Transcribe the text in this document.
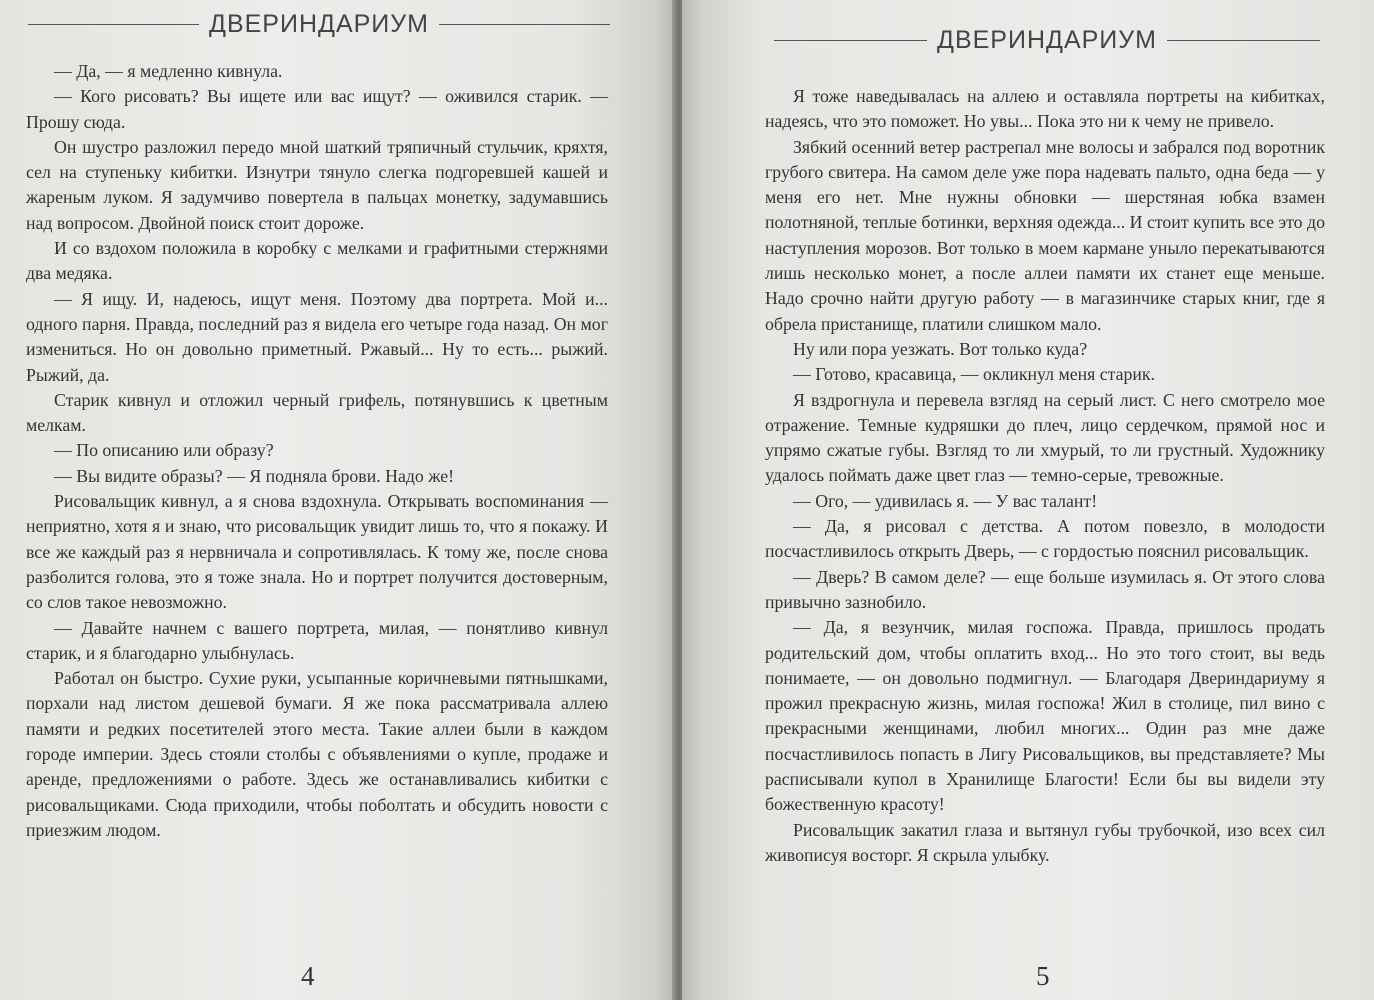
ДВЕРИНДАРИУМ

— Да, — я медленно кивнула.

— Кого рисовать? Вы ищете или вас ищут? — оживился старик. — Прошу сюда.

Он шустро разложил передо мной шаткий тряпичный стульчик, кряхтя, сел на ступеньку кибитки. Изнутри тянуло слегка подгоревшей кашей и жареным луком. Я задумчиво повертела в пальцах монетку, задумавшись над вопросом. Двойной поиск стоит дороже.

И со вздохом положила в коробку с мелками и графитными стержнями два медяка.

— Я ищу. И, надеюсь, ищут меня. Поэтому два портрета. Мой и... одного парня. Правда, последний раз я видела его четыре года назад. Он мог измениться. Но он довольно приметный. Ржавый... Ну то есть... рыжий. Рыжий, да.

Старик кивнул и отложил черный грифель, потянувшись к цветным мелкам.

— По описанию или образу?

— Вы видите образы? — Я подняла брови. Надо же!

Рисовальщик кивнул, а я снова вздохнула. Открывать воспоминания — неприятно, хотя я и знаю, что рисовальщик увидит лишь то, что я покажу. И все же каждый раз я нервничала и сопротивлялась. К тому же, после снова разболится голова, это я тоже знала. Но и портрет получится достоверным, со слов такое невозможно.

— Давайте начнем с вашего портрета, милая, — понятливо кивнул старик, и я благодарно улыбнулась.

Работал он быстро. Сухие руки, усыпанные коричневыми пятнышками, порхали над листом дешевой бумаги. Я же пока рассматривала аллею памяти и редких посетителей этого места. Такие аллеи были в каждом городе империи. Здесь стояли столбы с объявлениями о купле, продаже и аренде, предложениями о работе. Здесь же останавливались кибитки с рисовальщиками. Сюда приходили, чтобы поболтать и обсудить новости с приезжим людом.

4
ДВЕРИНДАРИУМ

Я тоже наведывалась на аллею и оставляла портреты на кибитках, надеясь, что это поможет. Но увы... Пока это ни к чему не привело.

Зябкий осенний ветер растрепал мне волосы и забрался под воротник грубого свитера. На самом деле уже пора надевать пальто, одна беда — у меня его нет. Мне нужны обновки — шерстяная юбка взамен полотняной, теплые ботинки, верхняя одежда... И стоит купить все это до наступления морозов. Вот только в моем кармане уныло перекатываются лишь несколько монет, а после аллеи памяти их станет еще меньше. Надо срочно найти другую работу — в магазинчике старых книг, где я обрела пристанище, платили слишком мало.

Ну или пора уезжать. Вот только куда?

— Готово, красавица, — окликнул меня старик.

Я вздрогнула и перевела взгляд на серый лист. С него смотрело мое отражение. Темные кудряшки до плеч, лицо сердечком, прямой нос и упрямо сжатые губы. Взгляд то ли хмурый, то ли грустный. Художнику удалось поймать даже цвет глаз — темно-серые, тревожные.

— Ого, — удивилась я. — У вас талант!

— Да, я рисовал с детства. А потом повезло, в молодости посчастливилось открыть Дверь, — с гордостью пояснил рисовальщик.

— Дверь? В самом деле? — еще больше изумилась я. От этого слова привычно зазнобило.

— Да, я везунчик, милая госпожа. Правда, пришлось продать родительский дом, чтобы оплатить вход... Но это того стоит, вы ведь понимаете, — он довольно подмигнул. — Благодаря Двериндариуму я прожил прекрасную жизнь, милая госпожа! Жил в столице, пил вино с прекрасными женщинами, любил многих... Один раз мне даже посчастливилось попасть в Лигу Рисовальщиков, вы представляете? Мы расписывали купол в Хранилище Благости! Если бы вы видели эту божественную красоту!

Рисовальщик закатил глаза и вытянул губы трубочкой, изо всех сил живописуя восторг. Я скрыла улыбку.

5
